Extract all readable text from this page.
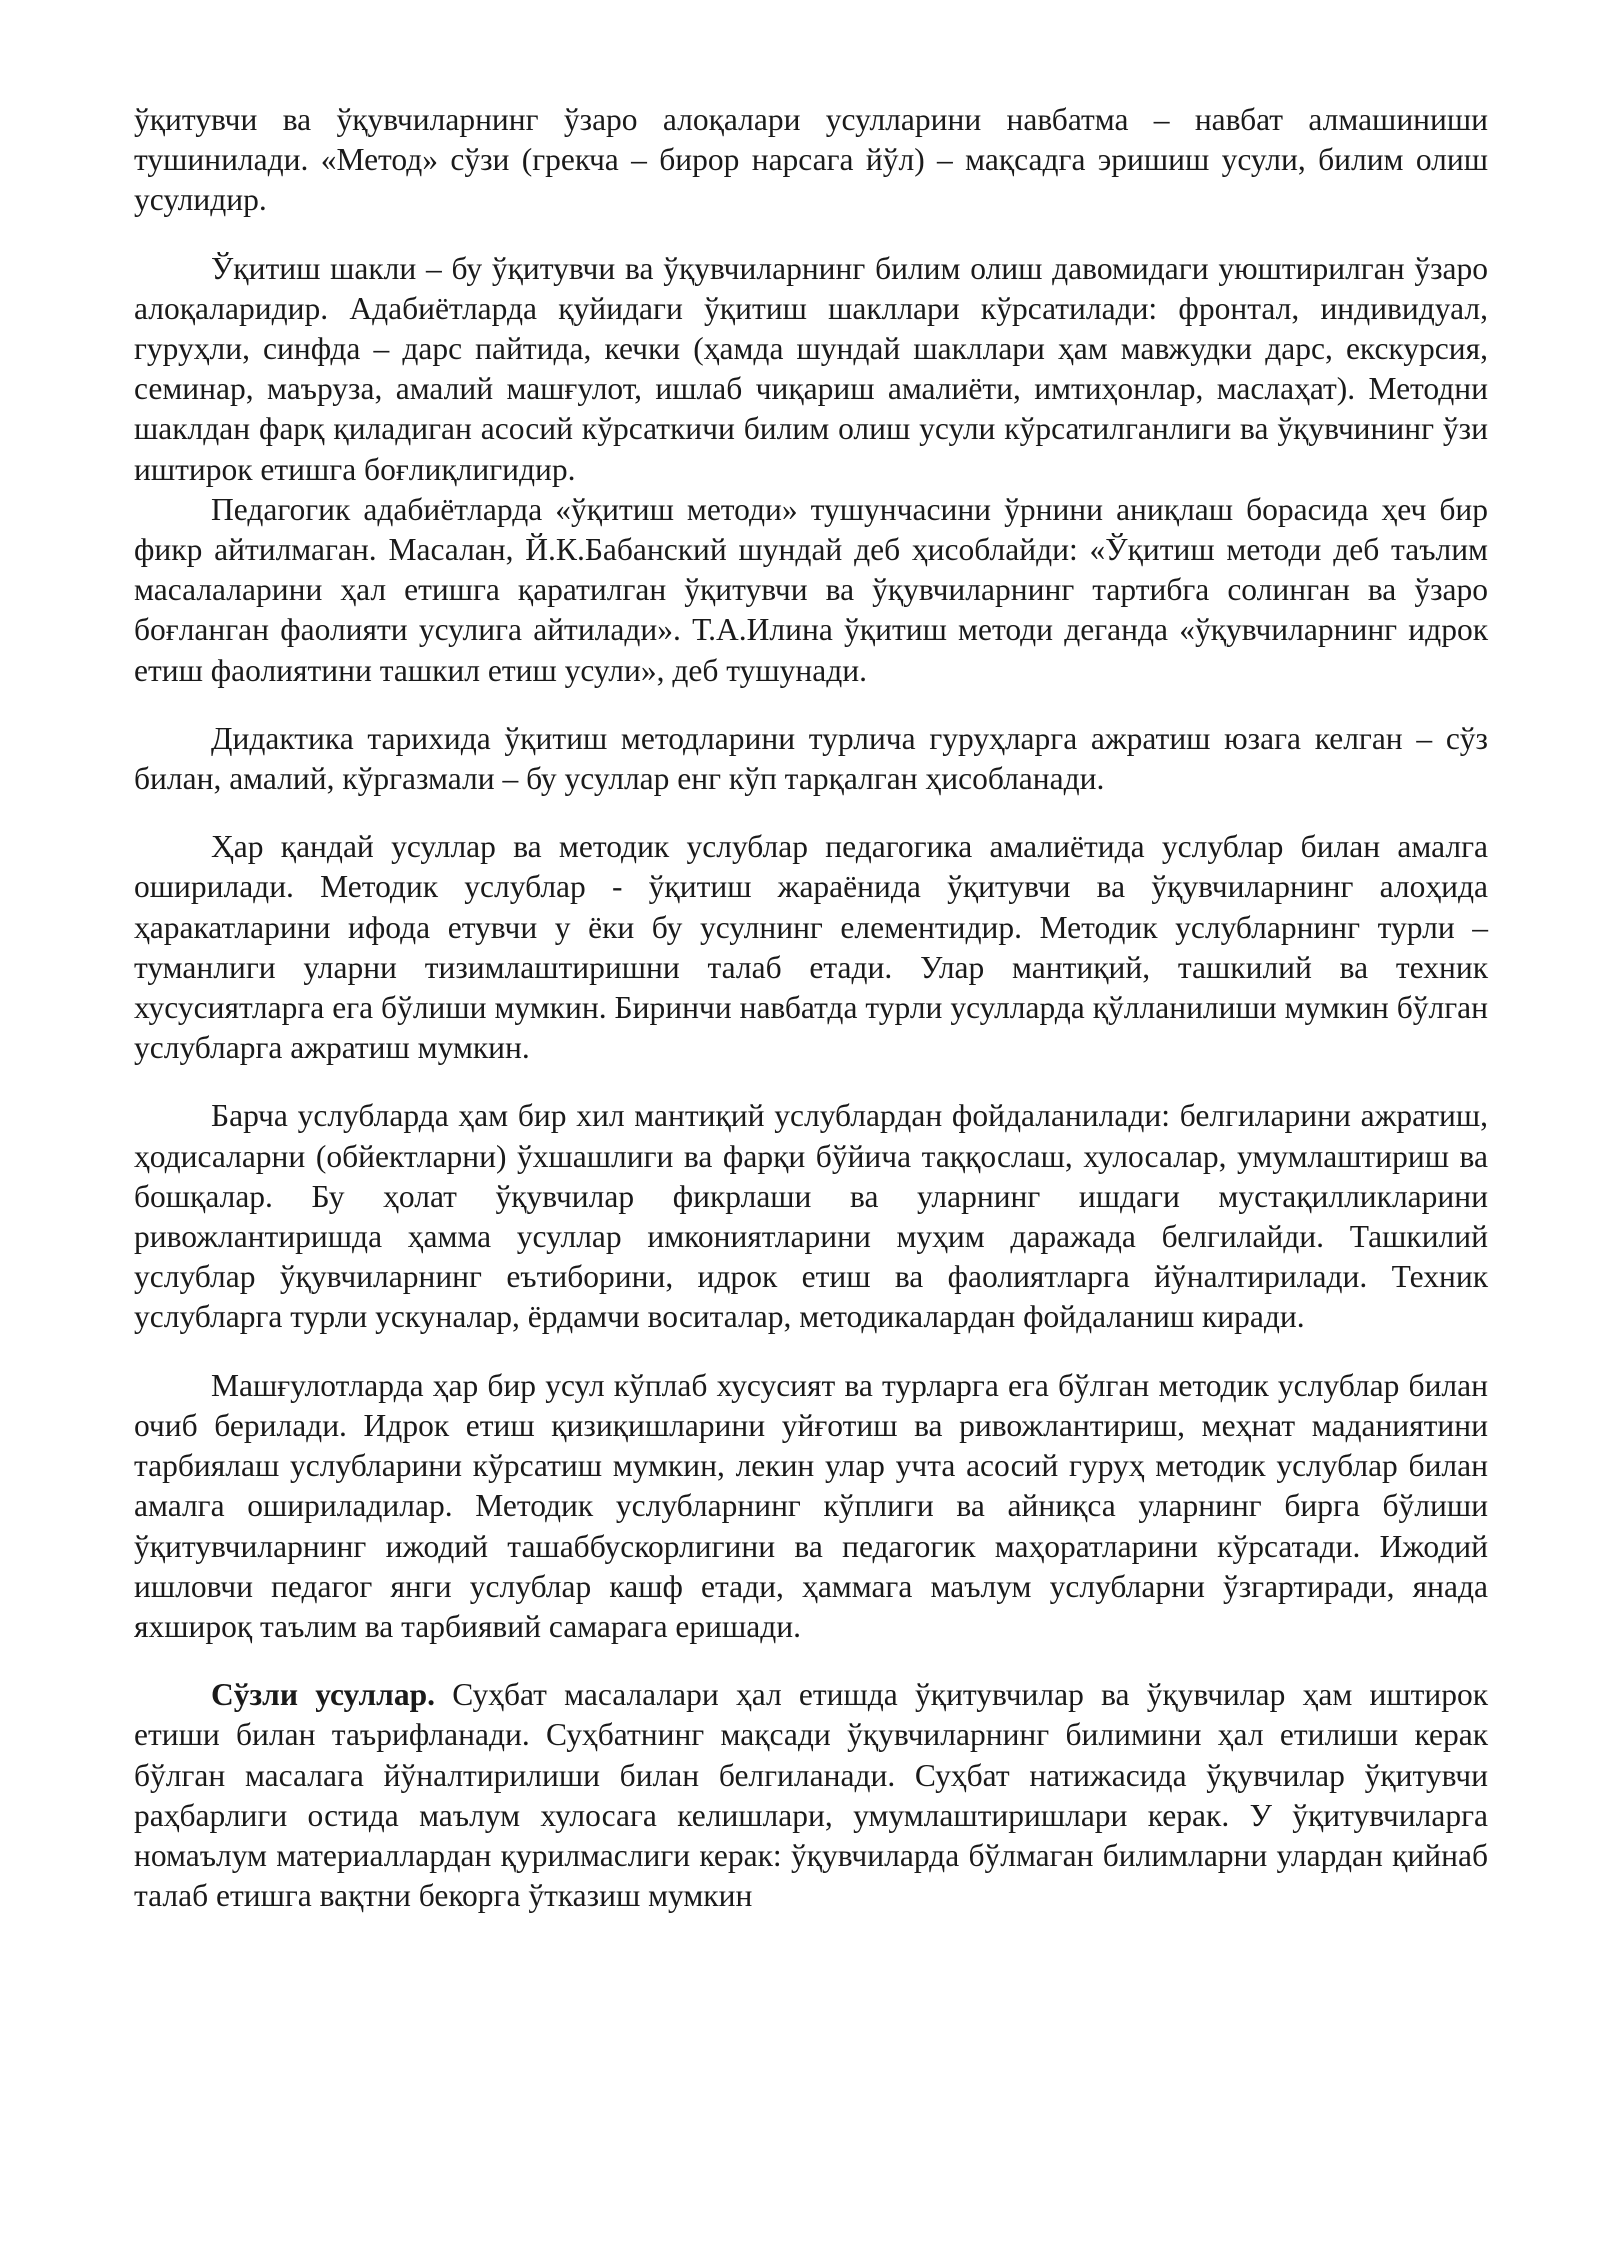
ўқитувчи ва ўқувчиларнинг ўзаро алоқалари усулларини навбатма – навбат алмашиниши тушинилади. «Метод» сўзи (грекча – бирор нарсага йўл) – мақсадга эришиш усули, билим олиш усулидир.

Ўқитиш шакли – бу ўқитувчи ва ўқувчиларнинг билим олиш давомидаги уюштирилган ўзаро алоқаларидир. Адабиётларда қуйидаги ўқитиш шакллари кўрсатилади: фронтал, индивидуал, гуруҳли, синфда – дарс пайтида, кечки (ҳамда шундай шакллари ҳам мавжудки дарс, екскурсия, семинар, маъруза, амалий машғулот, ишлаб чиқариш амалиёти, имтиҳонлар, маслаҳат). Методни шаклдан фарқ қиладиган асосий кўрсаткичи билим олиш усули кўрсатилганлиги ва ўқувчининг ўзи иштирок етишга боғлиқлигидир.

Педагогик адабиётларда «ўқитиш методи» тушунчасини ўрнини аниқлаш борасида ҳеч бир фикр айтилмаган. Масалан, Й.К.Бабанский шундай деб ҳисоблайди: «Ўқитиш методи деб таълим масалаларини ҳал етишга қаратилган ўқитувчи ва ўқувчиларнинг тартибга солинган ва ўзаро боғланган фаолияти усулига айтилади». Т.А.Илина ўқитиш методи деганда «ўқувчиларнинг идрок етиш фаолиятини ташкил етиш усули», деб тушунади.

Дидактика тарихида ўқитиш методларини турлича гуруҳларга ажратиш юзага келган – сўз билан, амалий, кўргазмали – бу усуллар енг кўп тарқалган ҳисобланади.

Ҳар қандай усуллар ва методик услублар педагогика амалиётида услублар билан амалга оширилади. Методик услублар - ўқитиш жараёнида ўқитувчи ва ўқувчиларнинг алоҳида ҳаракатларини ифода етувчи у ёки бу усулнинг елементидир. Методик услубларнинг турли – туманлиги уларни тизимлаштиришни талаб етади. Улар мантиқий, ташкилий ва техник хусусиятларга ега бўлиши мумкин. Биринчи навбатда турли усулларда қўлланилиши мумкин бўлган услубларга ажратиш мумкин.

Барча услубларда ҳам бир хил мантиқий услублардан фойдаланилади: белгиларини ажратиш, ҳодисаларни (обйектларни) ўхшашлиги ва фарқи бўйича таққослаш, хулосалар, умумлаштириш ва бошқалар. Бу ҳолат ўқувчилар фикрлаши ва уларнинг ишдаги мустақилликларини ривожлантиришда ҳамма усуллар имкониятларини муҳим даражада белгилайди. Ташкилий услублар ўқувчиларнинг еътиборини, идрок етиш ва фаолиятларга йўналтирилади. Техник услубларга турли ускуналар, ёрдамчи воситалар, методикалардан фойдаланиш киради.

Машғулотларда ҳар бир усул кўплаб хусусият ва турларга ега бўлган методик услублар билан очиб берилади. Идрок етиш қизиқишларини уйғотиш ва ривожлантириш, меҳнат маданиятини тарбиялаш услубларини кўрсатиш мумкин, лекин улар учта асосий гуруҳ методик услублар билан амалга ошириладилар. Методик услубларнинг кўплиги ва айниқса уларнинг бирга бўлиши ўқитувчиларнинг ижодий ташаббускорлигини ва педагогик маҳоратларини кўрсатади. Ижодий ишловчи педагог янги услублар кашф етади, ҳаммага маълум услубларни ўзгартиради, янада яхшироқ таълим ва тарбиявий самарага еришади.

Сўзли усуллар. Суҳбат масалалари ҳал етишда ўқитувчилар ва ўқувчилар ҳам иштирок етиши билан таърифланади. Суҳбатнинг мақсади ўқувчиларнинг билимини ҳал етилиши керак бўлган масалага йўналтирилиши билан белгиланади. Суҳбат натижасида ўқувчилар ўқитувчи раҳбарлиги остида маълум хулосага келишлари, умумлаштиришлари керак. У ўқитувчиларга номаълум материаллардан қурилмаслиги керак: ўқувчиларда бўлмаган билимларни улардан қийнаб талаб етишга вақтни бекорга ўтказиш мумкин
